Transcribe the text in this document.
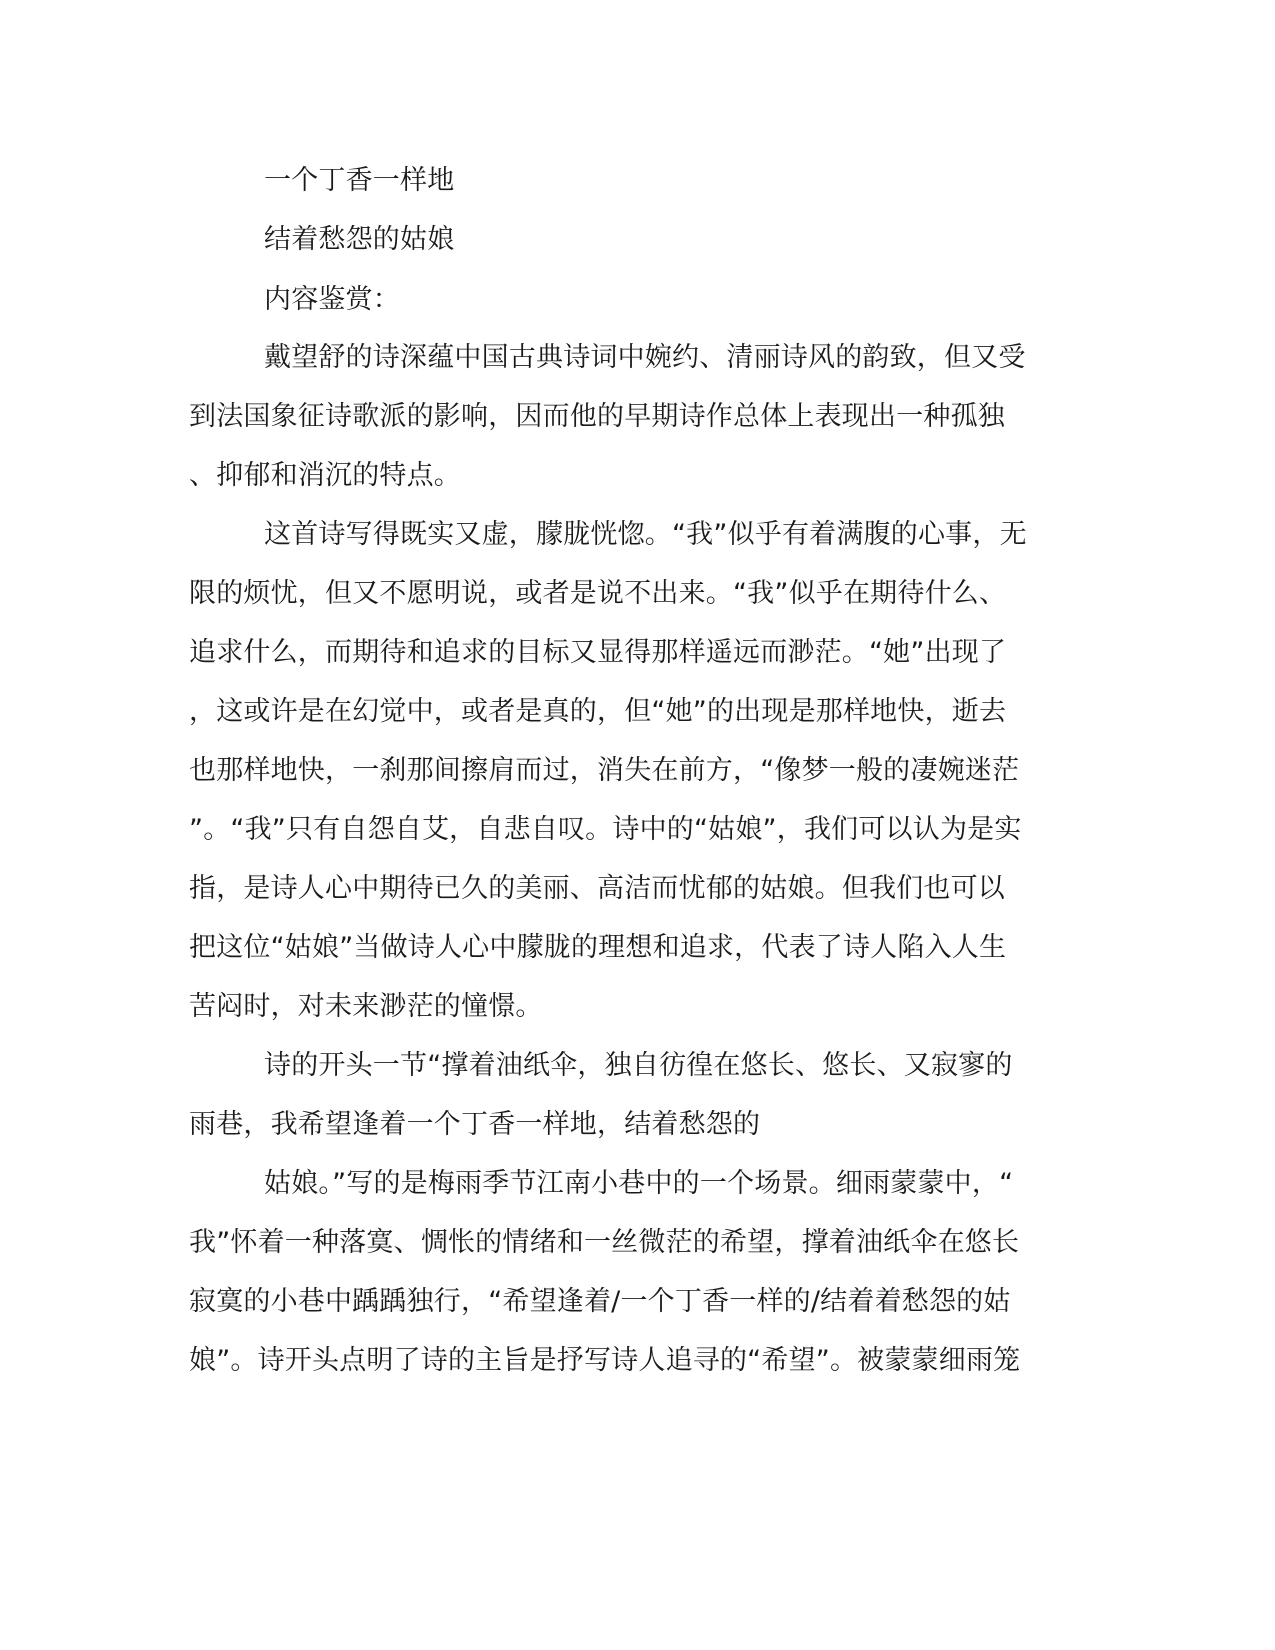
一个丁香一样地
结着愁怨的姑娘
内容鉴赏：
戴望舒的诗深蕴中国古典诗词中婉约、清丽诗风的韵致，但又受
到法国象征诗歌派的影响，因而他的早期诗作总体上表现出一种孤独
、抑郁和消沉的特点。
这首诗写得既实又虚，朦胧恍惚。“我”似乎有着满腹的心事，无
限的烦忧，但又不愿明说，或者是说不出来。“我”似乎在期待什么、
追求什么，而期待和追求的目标又显得那样遥远而渺茫。“她”出现了
，这或许是在幻觉中，或者是真的，但“她”的出现是那样地快，逝去
也那样地快，一刹那间擦肩而过，消失在前方，“像梦一般的凄婉迷茫
”。“我”只有自怨自艾，自悲自叹。诗中的“姑娘”，我们可以认为是实
指，是诗人心中期待已久的美丽、高洁而忧郁的姑娘。但我们也可以
把这位“姑娘”当做诗人心中朦胧的理想和追求，代表了诗人陷入人生
苦闷时，对未来渺茫的憧憬。
诗的开头一节“撑着油纸伞，独自彷徨在悠长、悠长、又寂寥的
雨巷，我希望逢着一个丁香一样地，结着愁怨的
姑娘。”写的是梅雨季节江南小巷中的一个场景。细雨蒙蒙中，“
我”怀着一种落寞、惆怅的情绪和一丝微茫的希望，撑着油纸伞在悠长
寂寞的小巷中踽踽独行，“希望逢着/一个丁香一样的/结着着愁怨的姑
娘”。诗开头点明了诗的主旨是抒写诗人追寻的“希望”。被蒙蒙细雨笼
